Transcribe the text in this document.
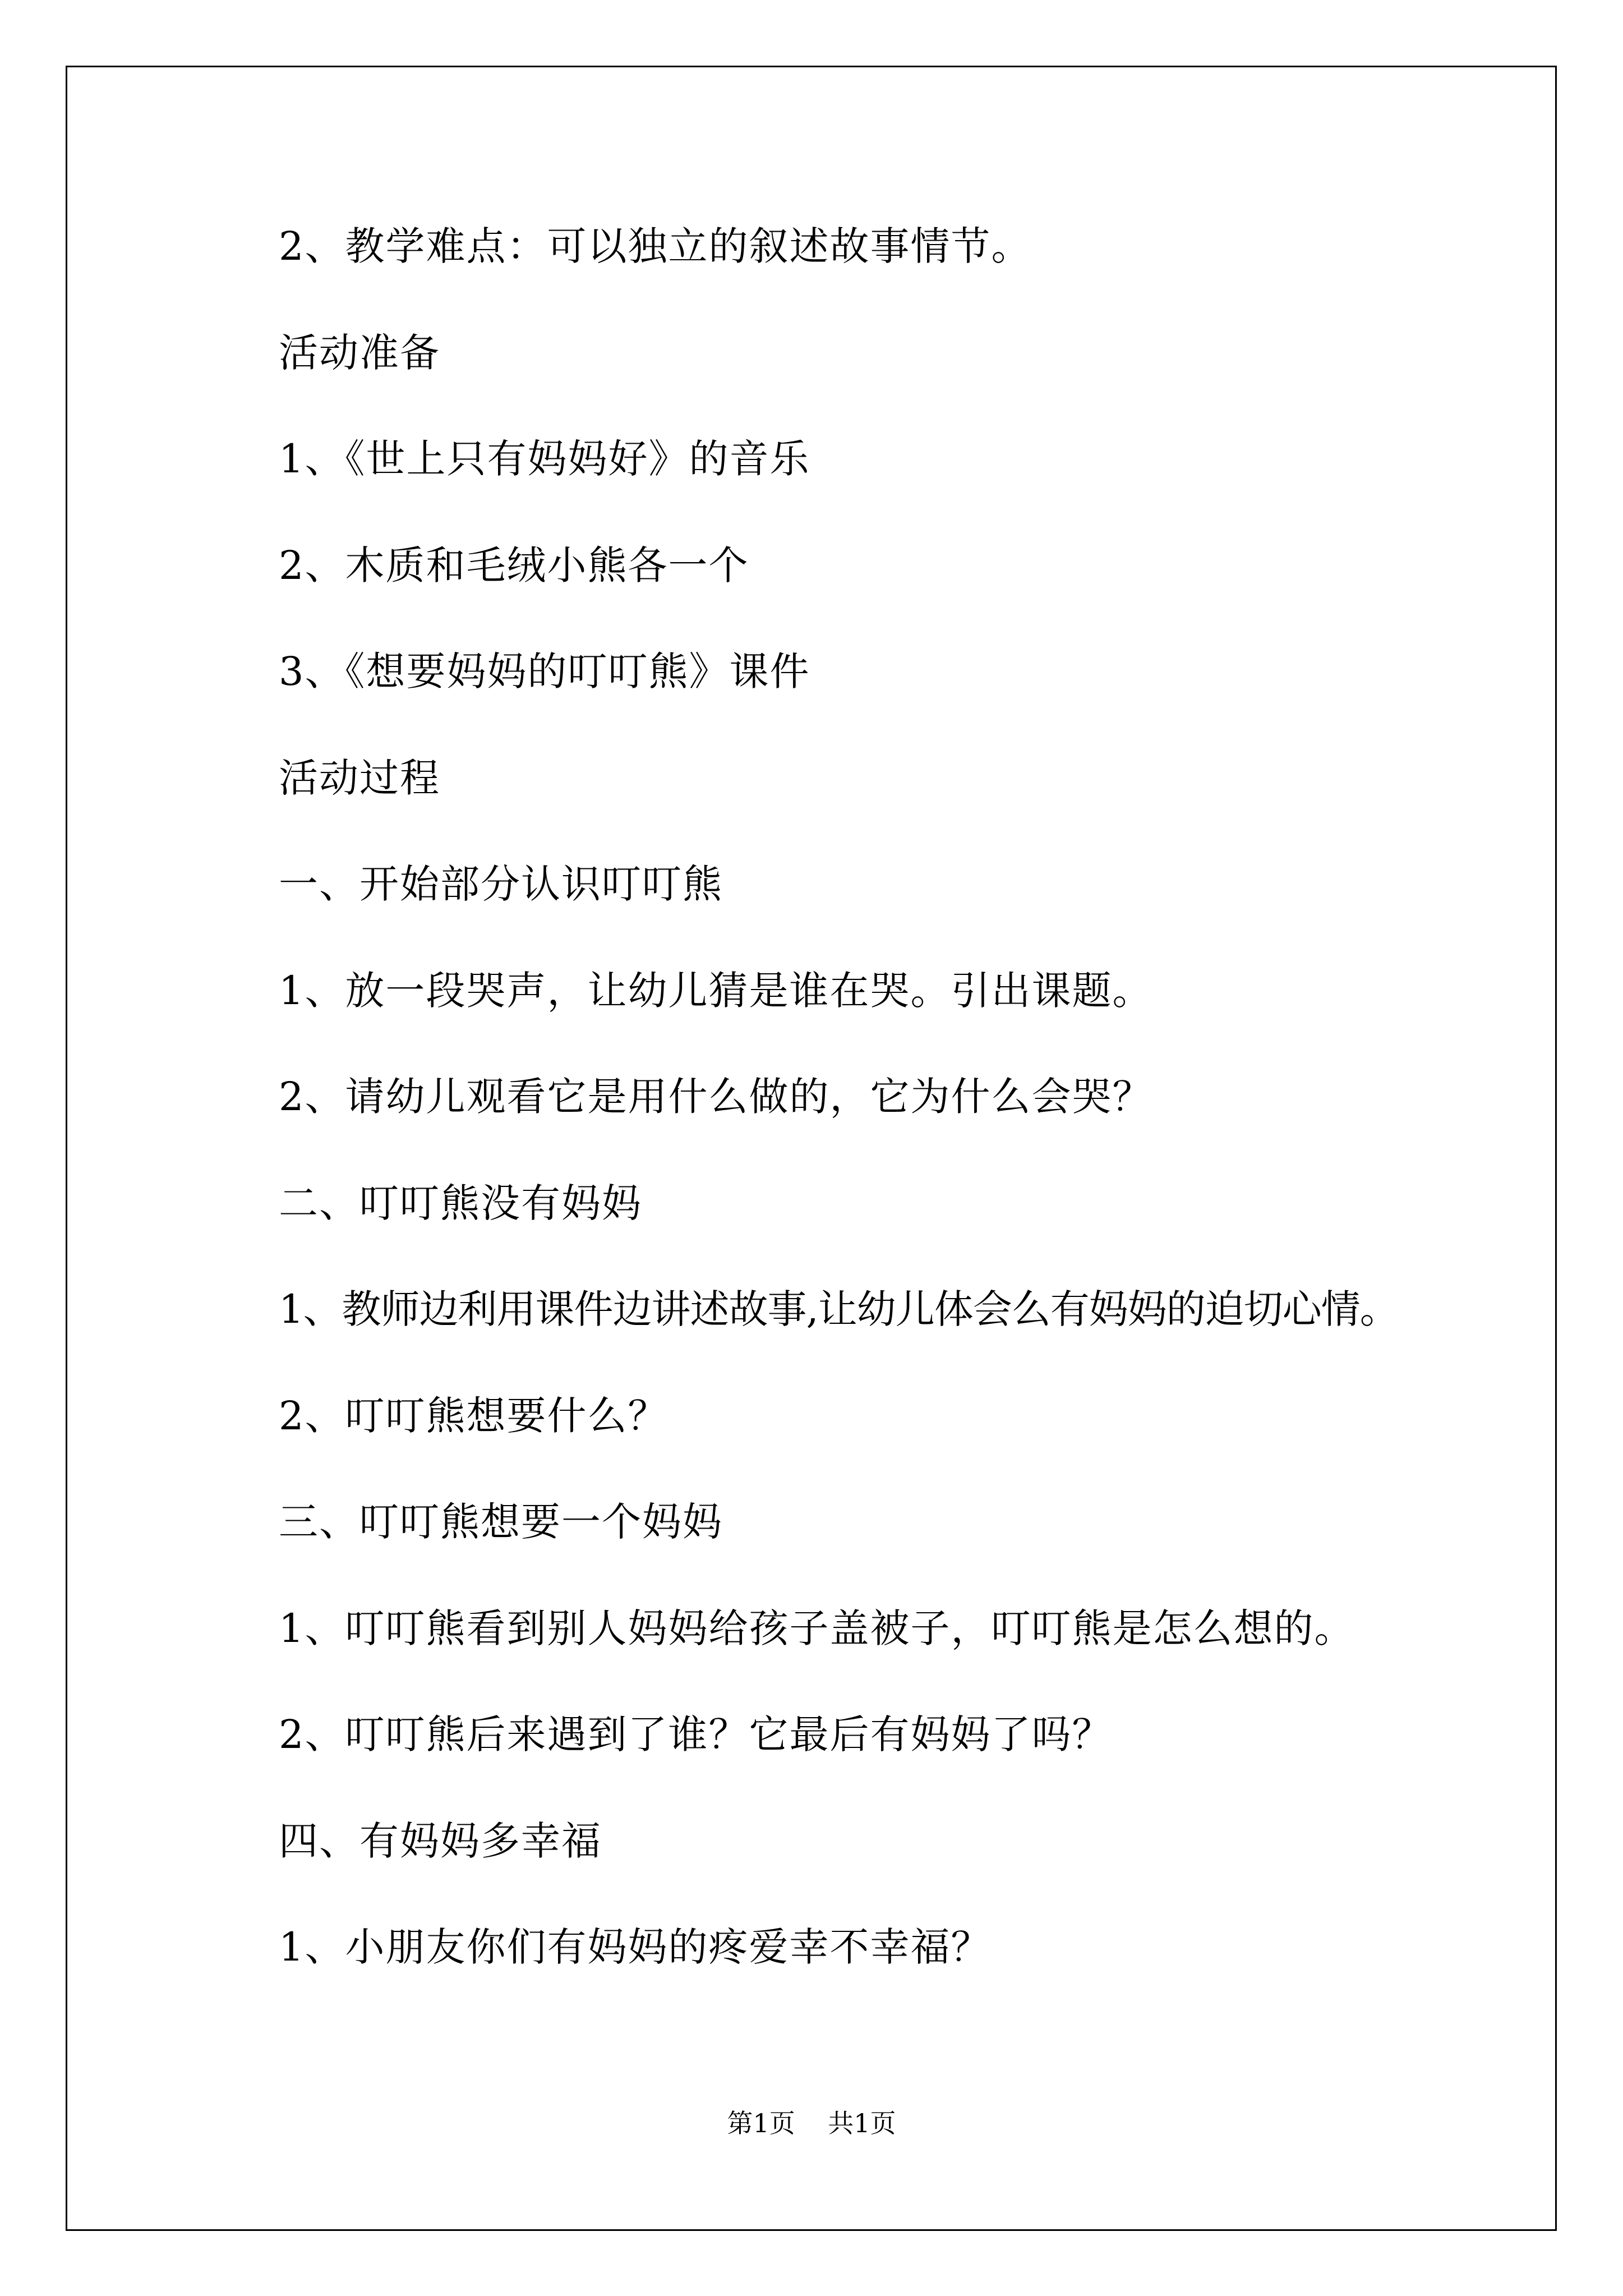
2、教学难点：可以独立的叙述故事情节。
活动准备
1、《世上只有妈妈好》的音乐
2、木质和毛绒小熊各一个
3、《想要妈妈的叮叮熊》课件
活动过程
一、开始部分认识叮叮熊
1、放一段哭声，让幼儿猜是谁在哭。引出课题。
2、请幼儿观看它是用什么做的，它为什么会哭？
二、叮叮熊没有妈妈
1、教师边利用课件边讲述故事,让幼儿体会么有妈妈的迫切心情。
2、叮叮熊想要什么？
三、叮叮熊想要一个妈妈
1、叮叮熊看到别人妈妈给孩子盖被子，叮叮熊是怎么想的。
2、叮叮熊后来遇到了谁？它最后有妈妈了吗？
四、有妈妈多幸福
1、小朋友你们有妈妈的疼爱幸不幸福？
第1页    共1页
